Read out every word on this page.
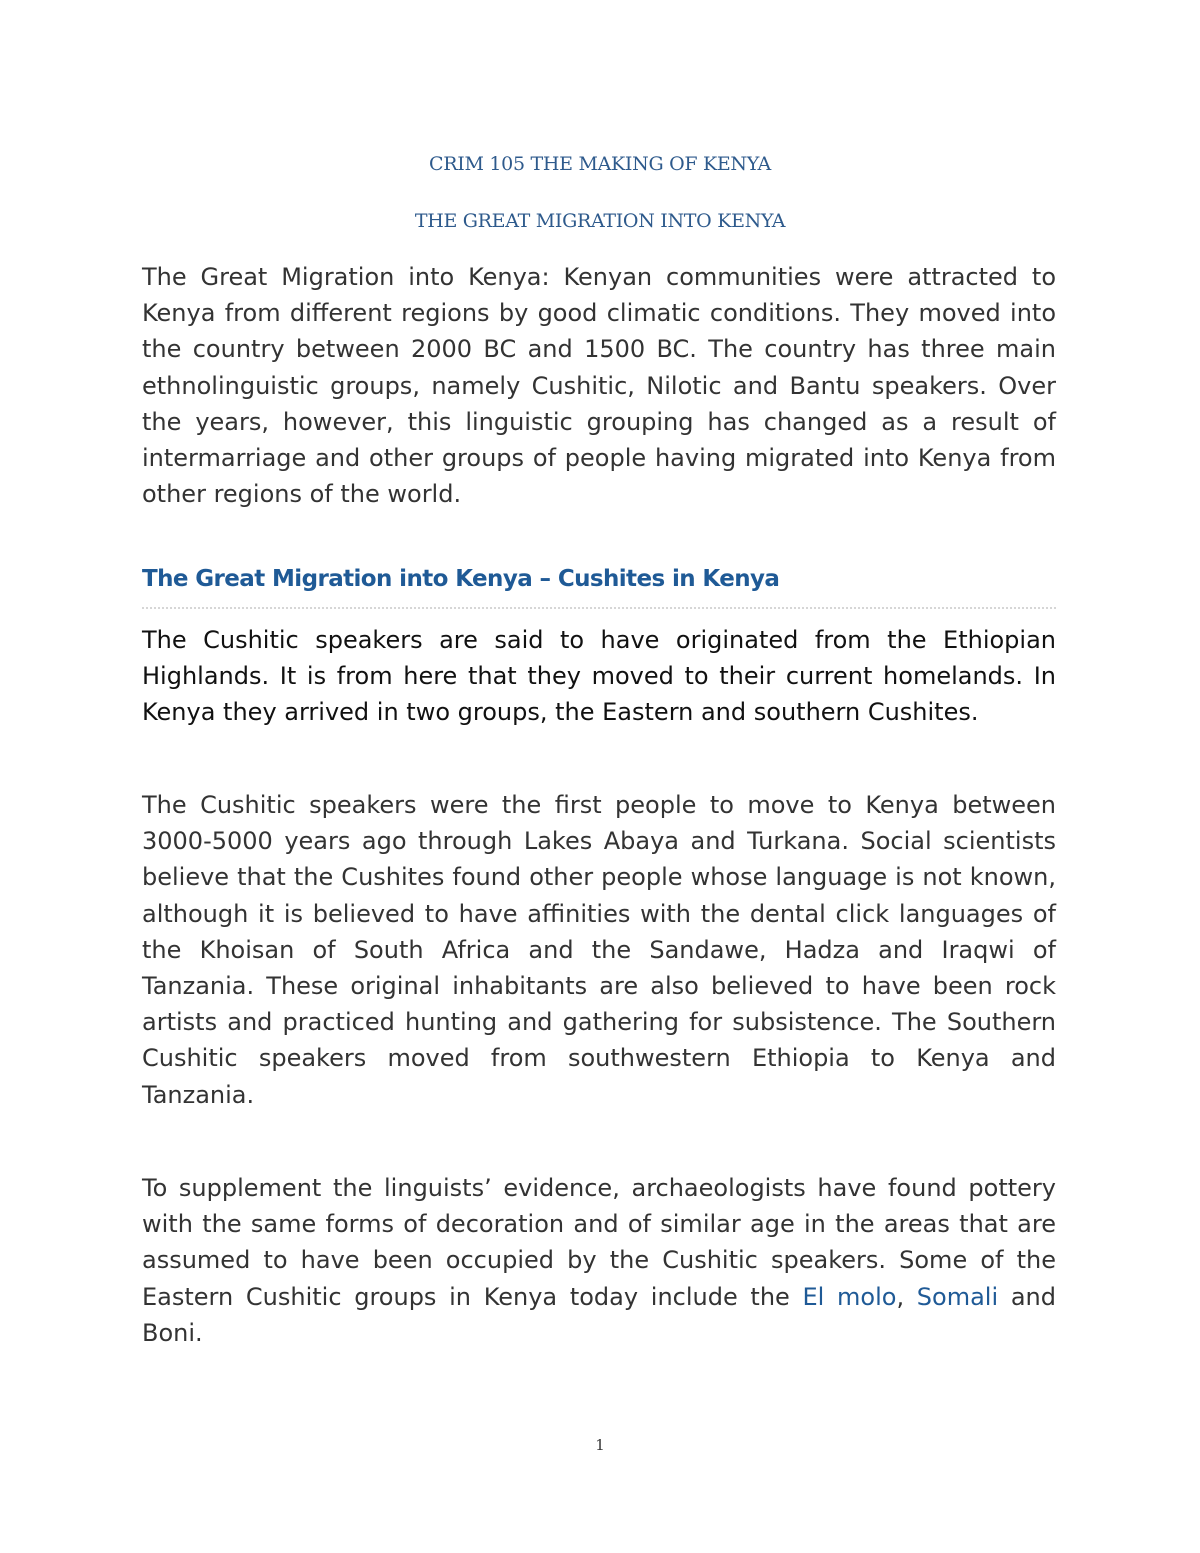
CRIM 105 THE MAKING OF KENYA
THE GREAT MIGRATION INTO KENYA

The Great Migration into Kenya: Kenyan communities were attracted to Kenya from different regions by good climatic conditions. They moved into the country between 2000 BC and 1500 BC. The country has three main ethnolinguistic groups, namely Cushitic, Nilotic and Bantu speakers. Over the years, however, this linguistic grouping has changed as a result of intermarriage and other groups of people having migrated into Kenya from other regions of the world.

The Great Migration into Kenya – Cushites in Kenya

The Cushitic speakers are said to have originated from the Ethiopian Highlands. It is from here that they moved to their current homelands. In Kenya they arrived in two groups, the Eastern and southern Cushites.

The Cushitic speakers were the first people to move to Kenya between 3000-5000 years ago through Lakes Abaya and Turkana. Social scientists believe that the Cushites found other people whose language is not known, although it is believed to have affinities with the dental click languages of the Khoisan of South Africa and the Sandawe, Hadza and Iraqwi of Tanzania. These original inhabitants are also believed to have been rock artists and practiced hunting and gathering for subsistence. The Southern Cushitic speakers moved from southwestern Ethiopia to Kenya and Tanzania.

To supplement the linguists’ evidence, archaeologists have found pottery with the same forms of decoration and of similar age in the areas that are assumed to have been occupied by the Cushitic speakers. Some of the Eastern Cushitic groups in Kenya today include the El molo, Somali and Boni.

1
